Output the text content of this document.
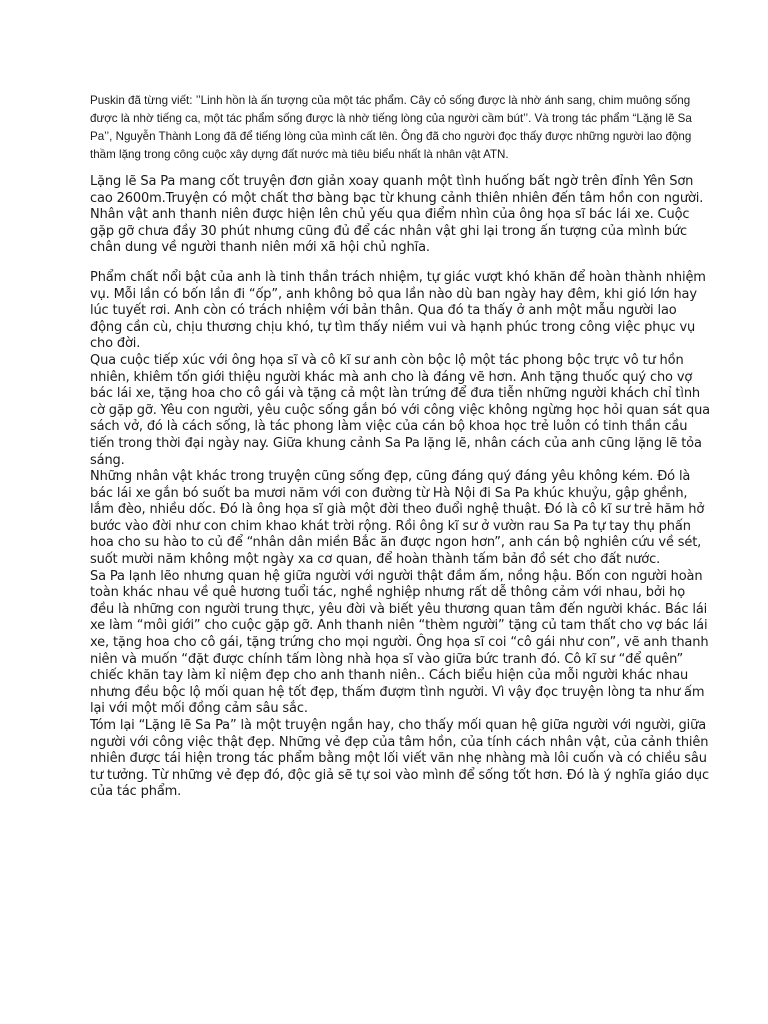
Puskin đã từng viết: ’’Linh hồn là ấn tượng của một tác phẩm. Cây cỏ sống được là nhờ ánh sang, chim muông sống được là nhờ tiếng ca, một tác phẩm sống được là nhờ tiếng lòng của người cầm bút’’. Và trong tác phẩm “Lặng lẽ Sa Pa’’, Nguyễn Thành Long đã để tiếng lòng của mình cất lên. Ông đã cho người đọc thấy được những người lao động thầm lặng trong công cuộc xây dựng đất nước mà tiêu biểu nhất là nhân vật ATN.

Lặng lẽ Sa Pa mang cốt truyện đơn giản xoay quanh một tình huống bất ngờ trên đỉnh Yên Sơn cao 2600m.Truyện có một chất thơ bàng bạc từ khung cảnh thiên nhiên đến tâm hồn con người. Nhân vật anh thanh niên được hiện lên chủ yếu qua điểm nhìn của ông họa sĩ bác lái xe. Cuộc gặp gỡ chưa đầy 30 phút nhưng cũng đủ để các nhân vật ghi lại trong ấn tượng của mình bức chân dung về người thanh niên mới xã hội chủ nghĩa.

Phẩm chất nổi bật của anh là tinh thần trách nhiệm, tự giác vượt khó khăn để hoàn thành nhiệm vụ. Mỗi lần có bốn lần đi “ốp”, anh không bỏ qua lần nào dù ban ngày hay đêm, khi gió lớn hay lúc tuyết rơi. Anh còn có trách nhiệm với bản thân. Qua đó ta thấy ở anh một mẫu người lao động cần cù, chịu thương chịu khó, tự tìm thấy niềm vui và hạnh phúc trong công việc phục vụ cho đời.

Qua cuộc tiếp xúc với ông họa sĩ và cô kĩ sư anh còn bộc lộ một tác phong bộc trực vô tư hồn nhiên, khiêm tốn giới thiệu người khác mà anh cho là đáng vẽ hơn. Anh tặng thuốc quý cho vợ bác lái xe, tặng hoa cho cô gái và tặng cả một làn trứng để đưa tiễn những người khách chỉ tình cờ gặp gỡ. Yêu con người, yêu cuộc sống gắn bó với công việc không ngừng học hỏi quan sát qua sách vở, đó là cách sống, là tác phong làm việc của cán bộ khoa học trẻ luôn có tinh thần cầu tiến trong thời đại ngày nay. Giữa khung cảnh Sa Pa lặng lẽ, nhân cách của anh cũng lặng lẽ tỏa sáng.

Những nhân vật khác trong truyện cũng sống đẹp, cũng đáng quý đáng yêu không kém. Đó là bác lái xe gắn bó suốt ba mươi năm với con đường từ Hà Nội đi Sa Pa khúc khuỷu, gập ghềnh, lắm đèo, nhiều dốc. Đó là ông họa sĩ già một đời theo đuổi nghệ thuật. Đó là cô kĩ sư trẻ hăm hở bước vào đời như con chim khao khát trời rộng. Rồi ông kĩ sư ở vườn rau Sa Pa tự tay thụ phấn hoa cho su hào to củ để “nhân dân miền Bắc ăn được ngon hơn”, anh cán bộ nghiên cứu về sét, suốt mười năm không một ngày xa cơ quan, để hoàn thành tấm bản đồ sét cho đất nước.

Sa Pa lạnh lẽo nhưng quan hệ giữa người với người thật đầm ấm, nồng hậu. Bốn con người hoàn toàn khác nhau về quê hương tuổi tác, nghề nghiệp nhưng rất dễ thông cảm với nhau, bởi họ đều là những con người trung thực, yêu đời và biết yêu thương quan tâm đến người khác. Bác lái xe làm “môi giới” cho cuộc gặp gỡ. Anh thanh niên “thèm người” tặng củ tam thất cho vợ bác lái xe, tặng hoa cho cô gái, tặng trứng cho mọi người. Ông họa sĩ coi “cô gái như con”, vẽ anh thanh niên và muốn “đặt được chính tấm lòng nhà họa sĩ vào giữa bức tranh đó. Cô kĩ sư “để quên” chiếc khăn tay làm kỉ niệm đẹp cho anh thanh niên.. Cách biểu hiện của mỗi người khác nhau nhưng đều bộc lộ mối quan hệ tốt đẹp, thấm đượm tình người. Vì vậy đọc truyện lòng ta như ấm lại với một mối đồng cảm sâu sắc.

Tóm lại “Lặng lẽ Sa Pa” là một truyện ngắn hay, cho thấy mối quan hệ giữa người với người, giữa người với công việc thật đẹp. Những vẻ đẹp của tâm hồn, của tính cách nhân vật, của cảnh thiên nhiên được tái hiện trong tác phẩm bằng một lối viết văn nhẹ nhàng mà lôi cuốn và có chiều sâu tư tưởng. Từ những vẻ đẹp đó, độc giả sẽ tự soi vào mình để sống tốt hơn. Đó là ý nghĩa giáo dục của tác phẩm.
